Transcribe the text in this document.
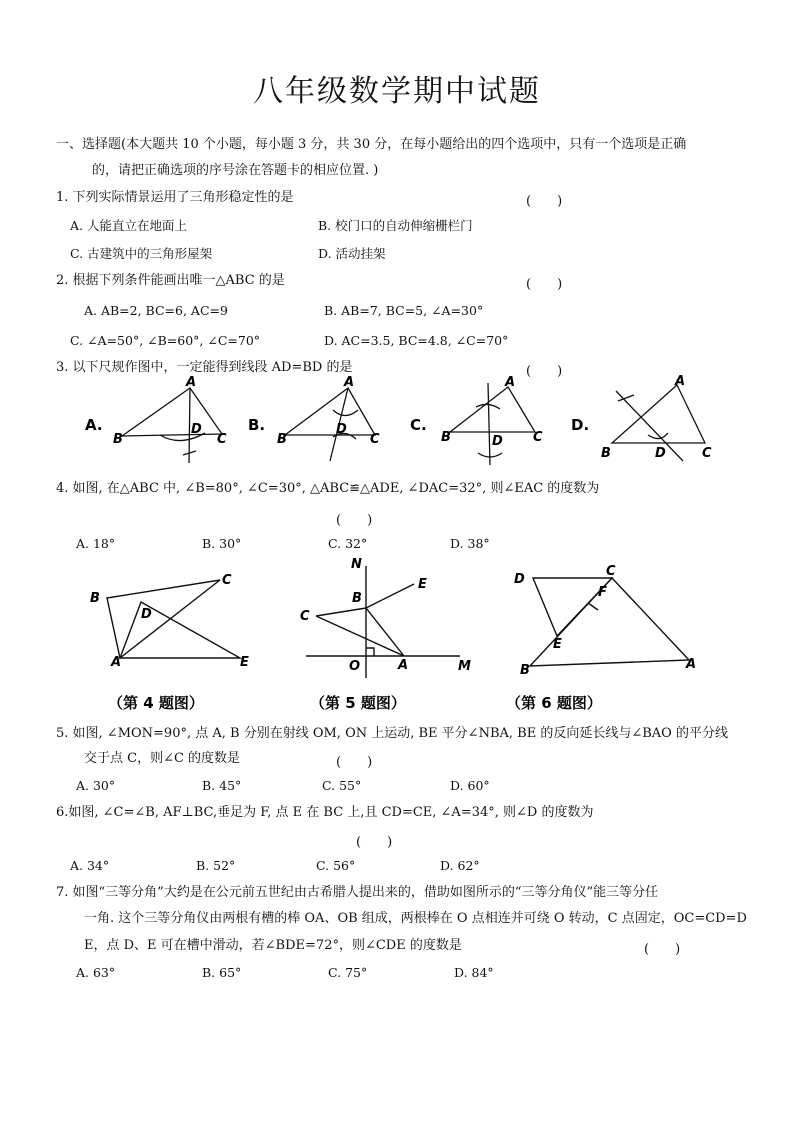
八年级数学期中试题
一、选择题(本大题共 10 个小题，每小题 3 分，共 30 分，在每小题给出的四个选项中，只有一个选项是正确
的，请把正确选项的序号涂在答题卡的相应位置. )
1. 下列实际情景运用了三角形稳定性的是	(　　)
A. 人能直立在地面上	B. 校门口的自动伸缩栅栏门
C. 古建筑中的三角形屋架	D. 活动挂架
2. 根据下列条件能画出唯一△ABC 的是	(　　)
A. AB=2, BC=6, AC=9	B. AB=7, BC=5, ∠A=30°
C. ∠A=50°, ∠B=60°, ∠C=70°	D. AC=3.5, BC=4.8, ∠C=70°
3. 以下尺规作图中，一定能得到线段 AD=BD 的是	(　　)
A.	B.	C.	D.
A
B	C
D
A
B	C
D
A
B	C
D
A
B	C
D
4. 如图, 在△ABC 中, ∠B=80°, ∠C=30°, △ABC≌△ADE, ∠DAC=32°, 则∠EAC 的度数为
(　　)
A. 18°	B. 30°	C. 32°	D. 38°
B
C
D
A	E
N
E
B
C
O	A	M
D
C
F
E
B	A
（第 4 题图）	（第 5 题图）	（第 6 题图）
5. 如图, ∠MON=90°, 点 A, B 分别在射线 OM, ON 上运动, BE 平分∠NBA, BE 的反向延长线与∠BAO 的平分线
交于点 C，则∠C 的度数是	(　　)
A. 30°	B. 45°	C. 55°	D. 60°
6.如图, ∠C=∠B, AF⊥BC,垂足为 F, 点 E 在 BC 上,且 CD=CE, ∠A=34°, 则∠D 的度数为
(　　)
A. 34°	B. 52°	C. 56°	D. 62°
7. 如图“三等分角”大约是在公元前五世纪由古希腊人提出来的，借助如图所示的“三等分角仪”能三等分任
一角. 这个三等分角仪由两根有槽的棒 OA、OB 组成，两根棒在 O 点相连并可绕 O 转动，C 点固定，OC=CD=D
E，点 D、E 可在槽中滑动，若∠BDE=72°，则∠CDE 的度数是	(　　)
A. 63°	B. 65°	C. 75°	D. 84°
